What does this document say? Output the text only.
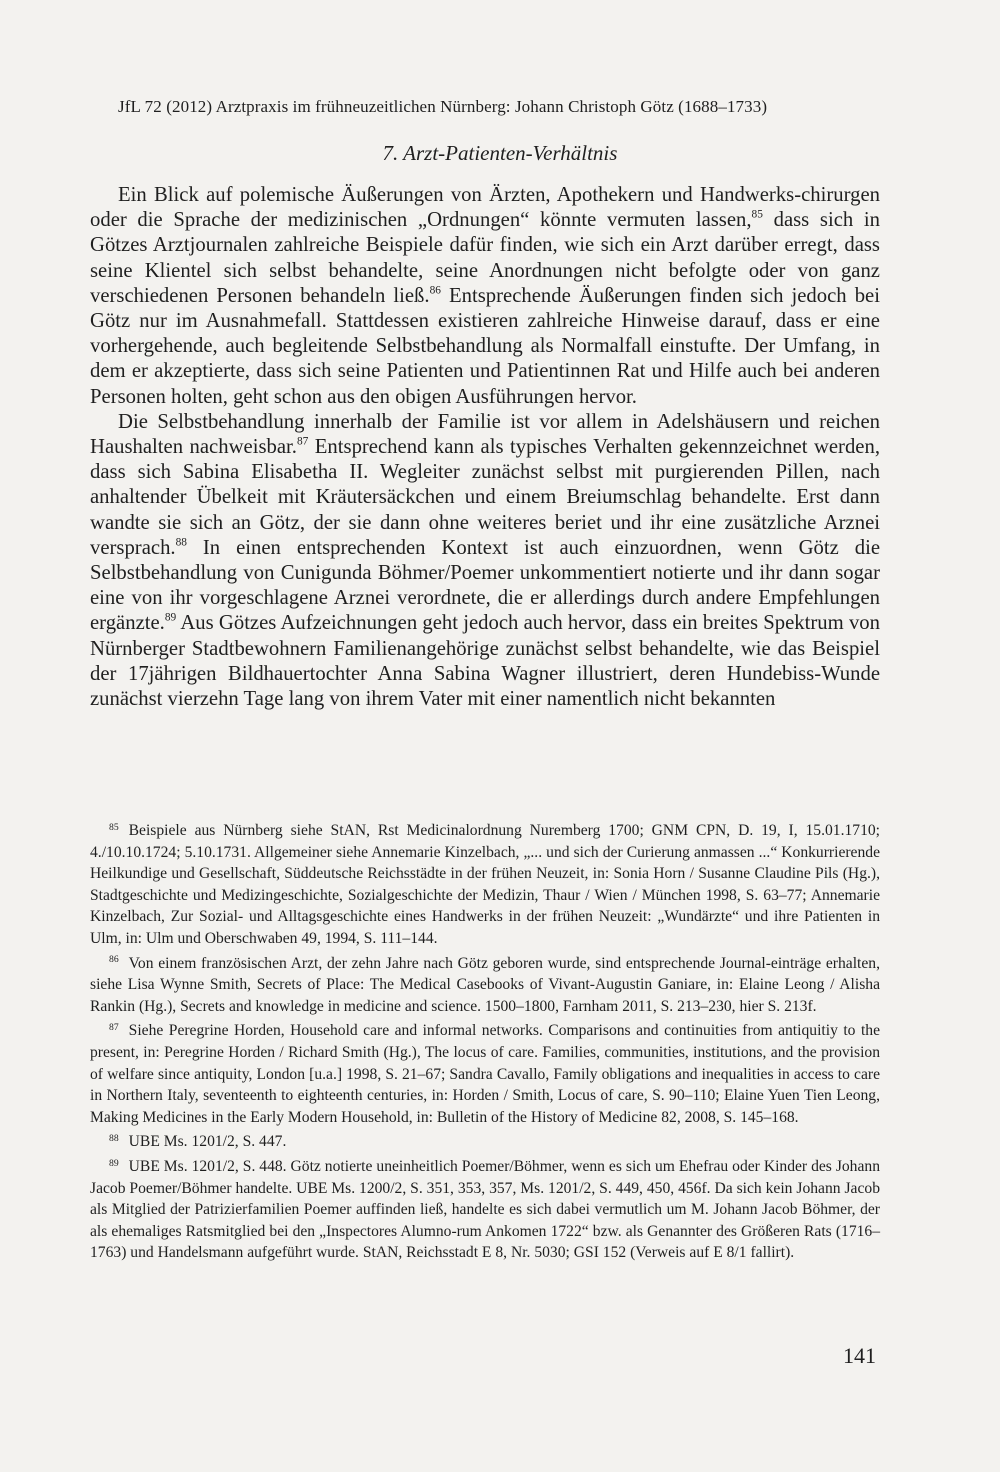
JfL 72 (2012) Arztpraxis im frühneuzeitlichen Nürnberg: Johann Christoph Götz (1688–1733)
7. Arzt-Patienten-Verhältnis

Ein Blick auf polemische Äußerungen von Ärzten, Apothekern und Handwerks-chirurgen oder die Sprache der medizinischen „Ordnungen“ könnte vermuten lassen,$^{85}$ dass sich in Götzes Arztjournalen zahlreiche Beispiele dafür finden, wie sich ein Arzt darüber erregt, dass seine Klientel sich selbst behandelte, seine Anordnungen nicht befolgte oder von ganz verschiedenen Personen behandeln ließ.$^{86}$ Entsprechende Äußerungen finden sich jedoch bei Götz nur im Ausnahmefall. Stattdessen existieren zahlreiche Hinweise darauf, dass er eine vorhergehende, auch begleitende Selbstbehandlung als Normalfall einstufte. Der Umfang, in dem er akzeptierte, dass sich seine Patienten und Patientinnen Rat und Hilfe auch bei anderen Personen holten, geht schon aus den obigen Ausführungen hervor.

Die Selbstbehandlung innerhalb der Familie ist vor allem in Adelshäusern und reichen Haushalten nachweisbar.$^{87}$ Entsprechend kann als typisches Verhalten gekennzeichnet werden, dass sich Sabina Elisabetha II. Wegleiter zunächst selbst mit purgierenden Pillen, nach anhaltender Übelkeit mit Kräutersäckchen und einem Breiumschlag behandelte. Erst dann wandte sie sich an Götz, der sie dann ohne weiteres beriet und ihr eine zusätzliche Arznei versprach.$^{88}$ In einen entsprechenden Kontext ist auch einzuordnen, wenn Götz die Selbstbehandlung von Cunigunda Böhmer/Poemer unkommentiert notierte und ihr dann sogar eine von ihr vorgeschlagene Arznei verordnete, die er allerdings durch andere Empfehlungen ergänzte.$^{89}$ Aus Götzes Aufzeichnungen geht jedoch auch hervor, dass ein breites Spektrum von Nürnberger Stadtbewohnern Familienangehörige zunächst selbst behandelte, wie das Beispiel der 17jährigen Bildhauertochter Anna Sabina Wagner illustriert, deren Hundebiss-Wunde zunächst vierzehn Tage lang von ihrem Vater mit einer namentlich nicht bekannten

$^{85}$ Beispiele aus Nürnberg siehe StAN, Rst Medicinalordnung Nuremberg 1700; GNM CPN, D. 19, I, 15.01.1710; 4./10.10.1724; 5.10.1731. Allgemeiner siehe Annemarie Kinzelbach, „... und sich der Curierung anmassen ...“ Konkurrierende Heilkundige und Gesellschaft, Süddeutsche Reichsstädte in der frühen Neuzeit, in: Sonia Horn / Susanne Claudine Pils (Hg.), Stadtgeschichte und Medizingeschichte, Sozialgeschichte der Medizin, Thaur / Wien / München 1998, S. 63–77; Annemarie Kinzelbach, Zur Sozial- und Alltagsgeschichte eines Handwerks in der frühen Neuzeit: „Wundärzte“ und ihre Patienten in Ulm, in: Ulm und Oberschwaben 49, 1994, S. 111–144.

$^{86}$ Von einem französischen Arzt, der zehn Jahre nach Götz geboren wurde, sind entsprechende Journal-einträge erhalten, siehe Lisa Wynne Smith, Secrets of Place: The Medical Casebooks of Vivant-Augustin Ganiare, in: Elaine Leong / Alisha Rankin (Hg.), Secrets and knowledge in medicine and science. 1500–1800, Farnham 2011, S. 213–230, hier S. 213f.

$^{87}$ Siehe Peregrine Horden, Household care and informal networks. Comparisons and continuities from antiquitiy to the present, in: Peregrine Horden / Richard Smith (Hg.), The locus of care. Families, communities, institutions, and the provision of welfare since antiquity, London [u.a.] 1998, S. 21–67; Sandra Cavallo, Family obligations and inequalities in access to care in Northern Italy, seventeenth to eighteenth centuries, in: Horden / Smith, Locus of care, S. 90–110; Elaine Yuen Tien Leong, Making Medicines in the Early Modern Household, in: Bulletin of the History of Medicine 82, 2008, S. 145–168.

$^{88}$ UBE Ms. 1201/2, S. 447.

$^{89}$ UBE Ms. 1201/2, S. 448. Götz notierte uneinheitlich Poemer/Böhmer, wenn es sich um Ehefrau oder Kinder des Johann Jacob Poemer/Böhmer handelte. UBE Ms. 1200/2, S. 351, 353, 357, Ms. 1201/2, S. 449, 450, 456f. Da sich kein Johann Jacob als Mitglied der Patrizierfamilien Poemer auffinden ließ, handelte es sich dabei vermutlich um M. Johann Jacob Böhmer, der als ehemaliges Ratsmitglied bei den „Inspectores Alumno-rum Ankomen 1722“ bzw. als Genannter des Größeren Rats (1716–1763) und Handelsmann aufgeführt wurde. StAN, Reichsstadt E 8, Nr. 5030; GSI 152 (Verweis auf E 8/1 fallirt).

141
